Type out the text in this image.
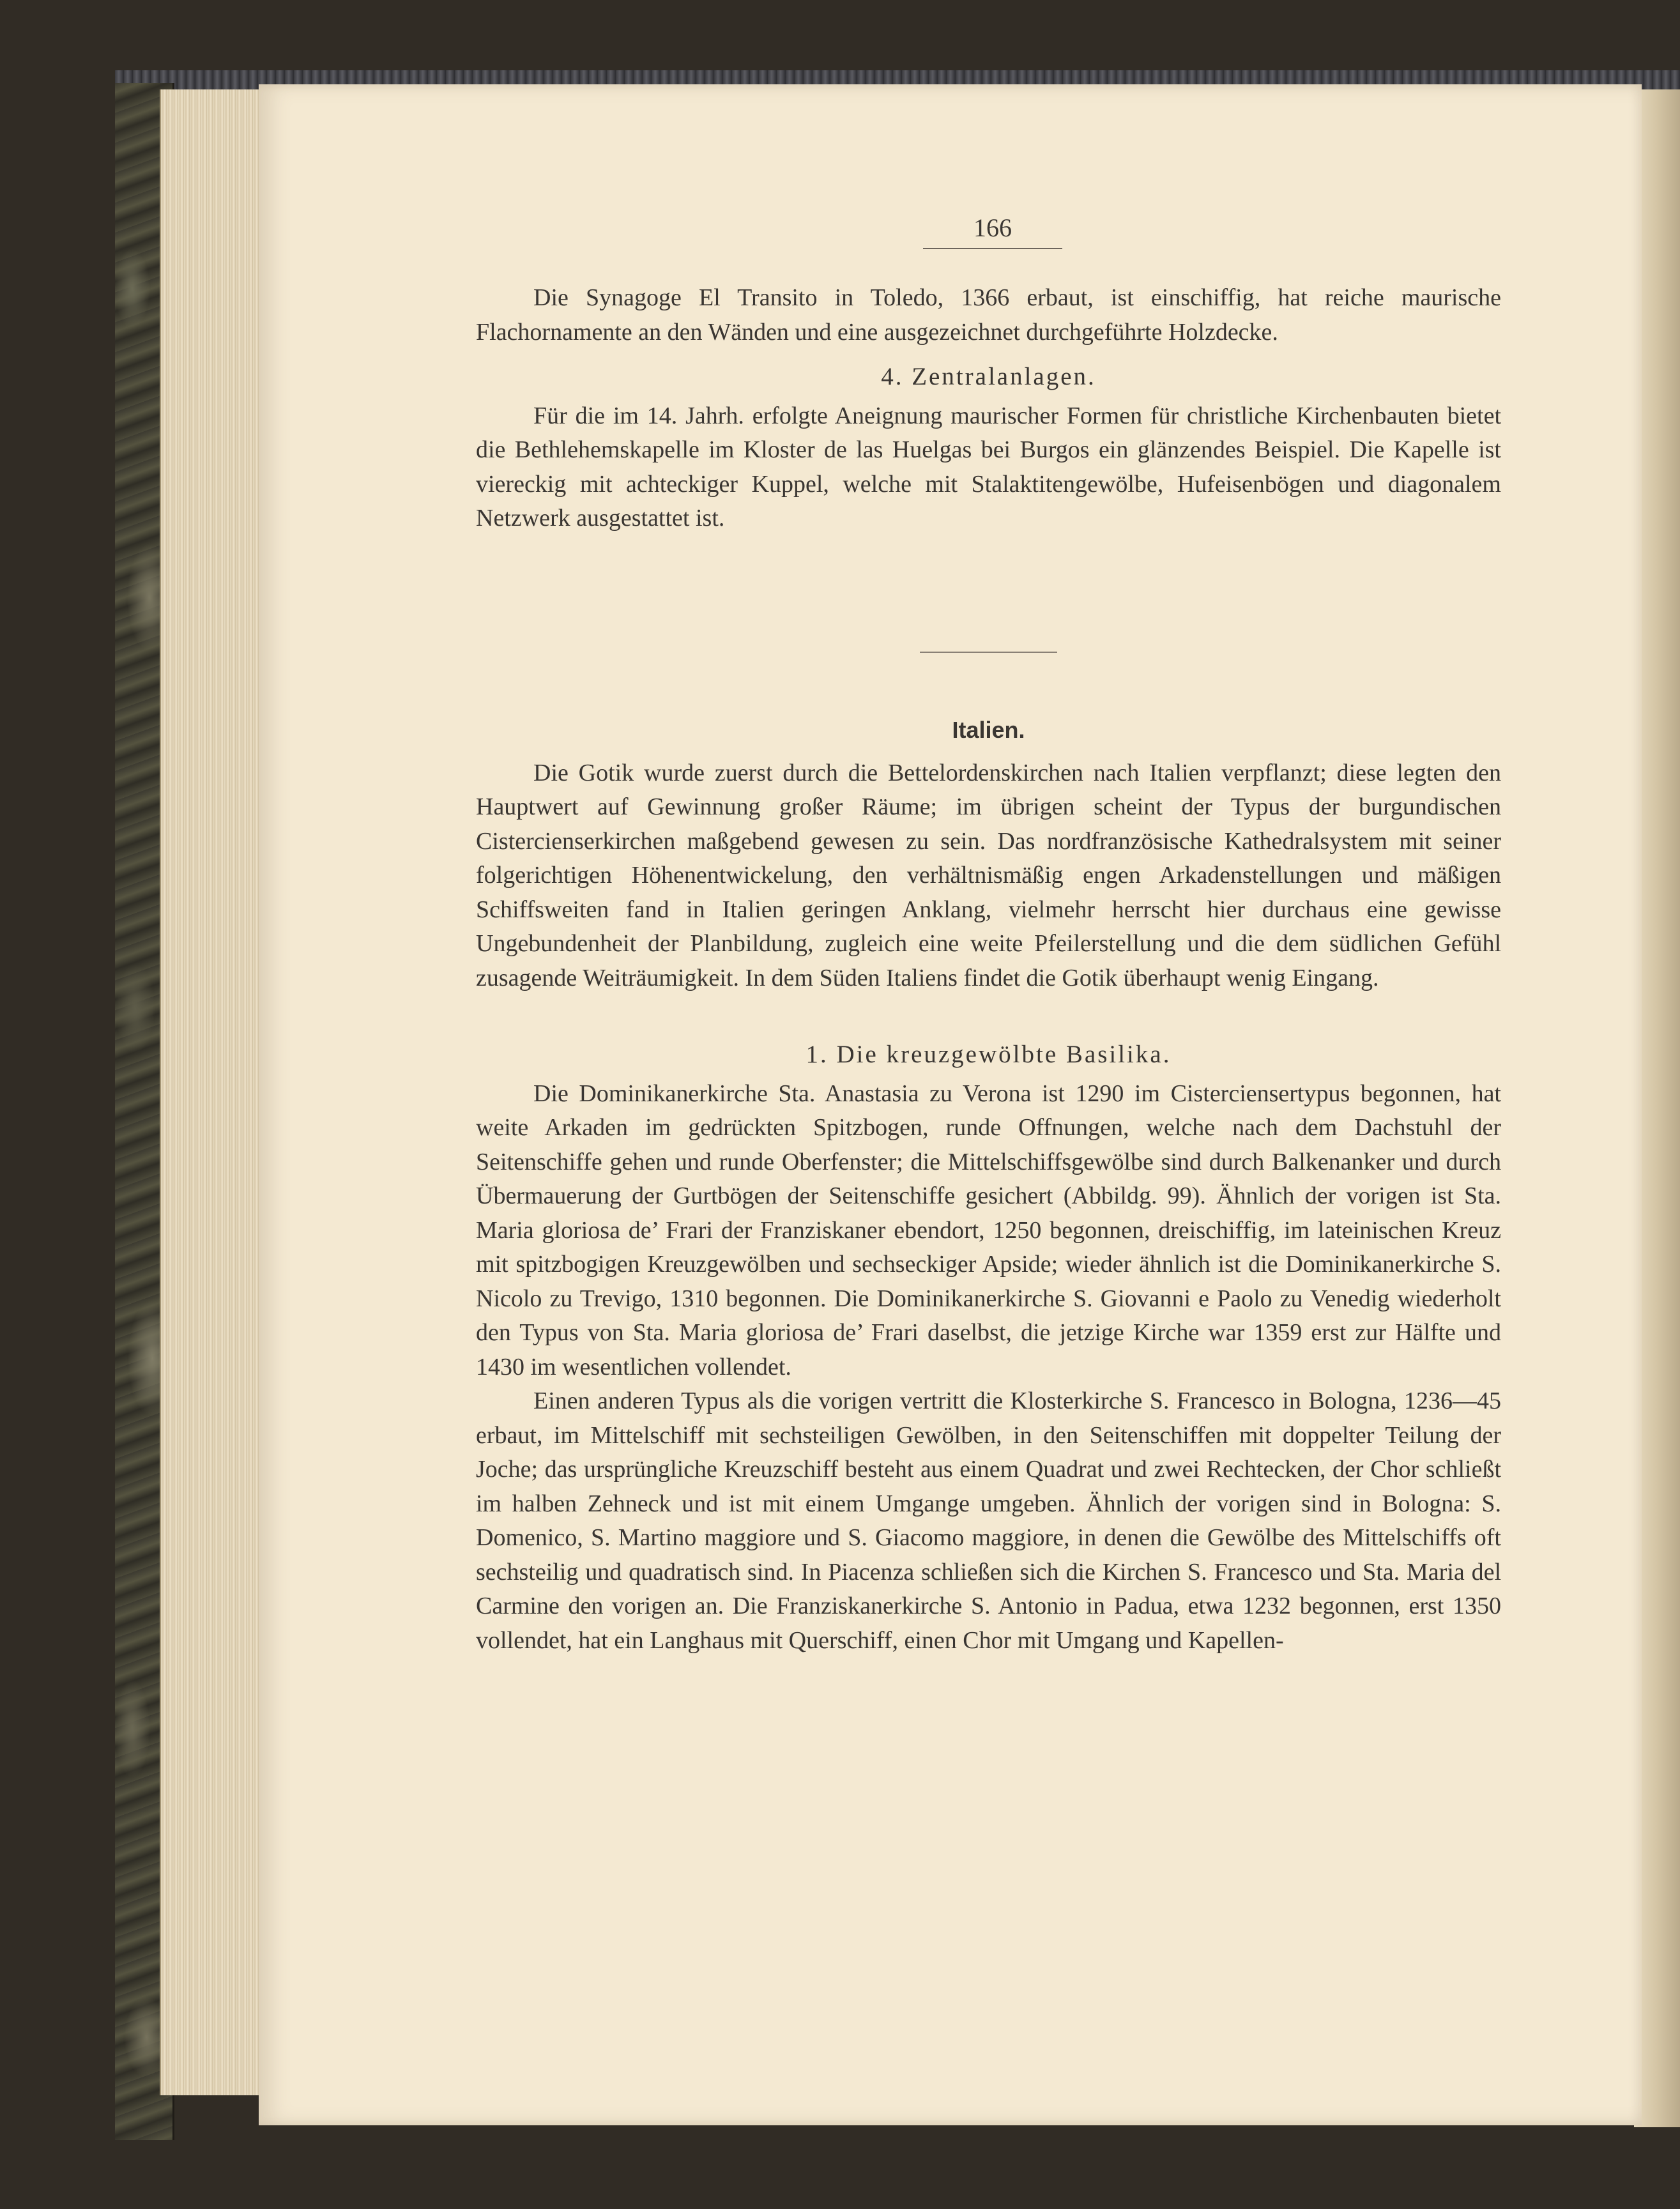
166

Die Synagoge El Transito in Toledo, 1366 erbaut, ist einschiffig, hat reiche maurische Flachornamente an den Wänden und eine ausgezeichnet durchgeführte Holzdecke.

4. Zentralanlagen.

Für die im 14. Jahrh. erfolgte Aneignung maurischer Formen für christliche Kirchenbauten bietet die Bethlehemskapelle im Kloster de las Huelgas bei Burgos ein glänzendes Beispiel. Die Kapelle ist viereckig mit achteckiger Kuppel, welche mit Stalaktitengewölbe, Hufeisenbögen und diagonalem Netzwerk ausgestattet ist.

Italien.

Die Gotik wurde zuerst durch die Bettelordenskirchen nach Italien verpflanzt; diese legten den Hauptwert auf Gewinnung großer Räume; im übrigen scheint der Typus der burgundischen Cistercienserkirchen maßgebend gewesen zu sein. Das nordfranzösische Kathedralsystem mit seiner folgerichtigen Höhenentwickelung, den verhältnismäßig engen Arkadenstellungen und mäßigen Schiffsweiten fand in Italien geringen Anklang, vielmehr herrscht hier durchaus eine gewisse Ungebundenheit der Planbildung, zugleich eine weite Pfeilerstellung und die dem südlichen Gefühl zusagende Weiträumigkeit. In dem Süden Italiens findet die Gotik überhaupt wenig Eingang.

1. Die kreuzgewölbte Basilika.

Die Dominikanerkirche Sta. Anastasia zu Verona ist 1290 im Cisterciensertypus begonnen, hat weite Arkaden im gedrückten Spitzbogen, runde Offnungen, welche nach dem Dachstuhl der Seitenschiffe gehen und runde Oberfenster; die Mittelschiffsgewölbe sind durch Balkenanker und durch Übermauerung der Gurtbögen der Seitenschiffe gesichert (Abbildg. 99). Ähnlich der vorigen ist Sta. Maria gloriosa de’ Frari der Franziskaner ebendort, 1250 begonnen, dreischiffig, im lateinischen Kreuz mit spitzbogigen Kreuzgewölben und sechseckiger Apside; wieder ähnlich ist die Dominikanerkirche S. Nicolo zu Trevigo, 1310 begonnen. Die Dominikanerkirche S. Giovanni e Paolo zu Venedig wiederholt den Typus von Sta. Maria gloriosa de’ Frari daselbst, die jetzige Kirche war 1359 erst zur Hälfte und 1430 im wesentlichen vollendet.

Einen anderen Typus als die vorigen vertritt die Klosterkirche S. Francesco in Bologna, 1236—45 erbaut, im Mittelschiff mit sechsteiligen Gewölben, in den Seitenschiffen mit doppelter Teilung der Joche; das ursprüngliche Kreuzschiff besteht aus einem Quadrat und zwei Rechtecken, der Chor schließt im halben Zehneck und ist mit einem Umgange umgeben. Ähnlich der vorigen sind in Bologna: S. Domenico, S. Martino maggiore und S. Giacomo maggiore, in denen die Gewölbe des Mittelschiffs oft sechsteilig und quadratisch sind. In Piacenza schließen sich die Kirchen S. Francesco und Sta. Maria del Carmine den vorigen an. Die Franziskanerkirche S. Antonio in Padua, etwa 1232 begonnen, erst 1350 vollendet, hat ein Langhaus mit Querschiff, einen Chor mit Umgang und Kapellen-
